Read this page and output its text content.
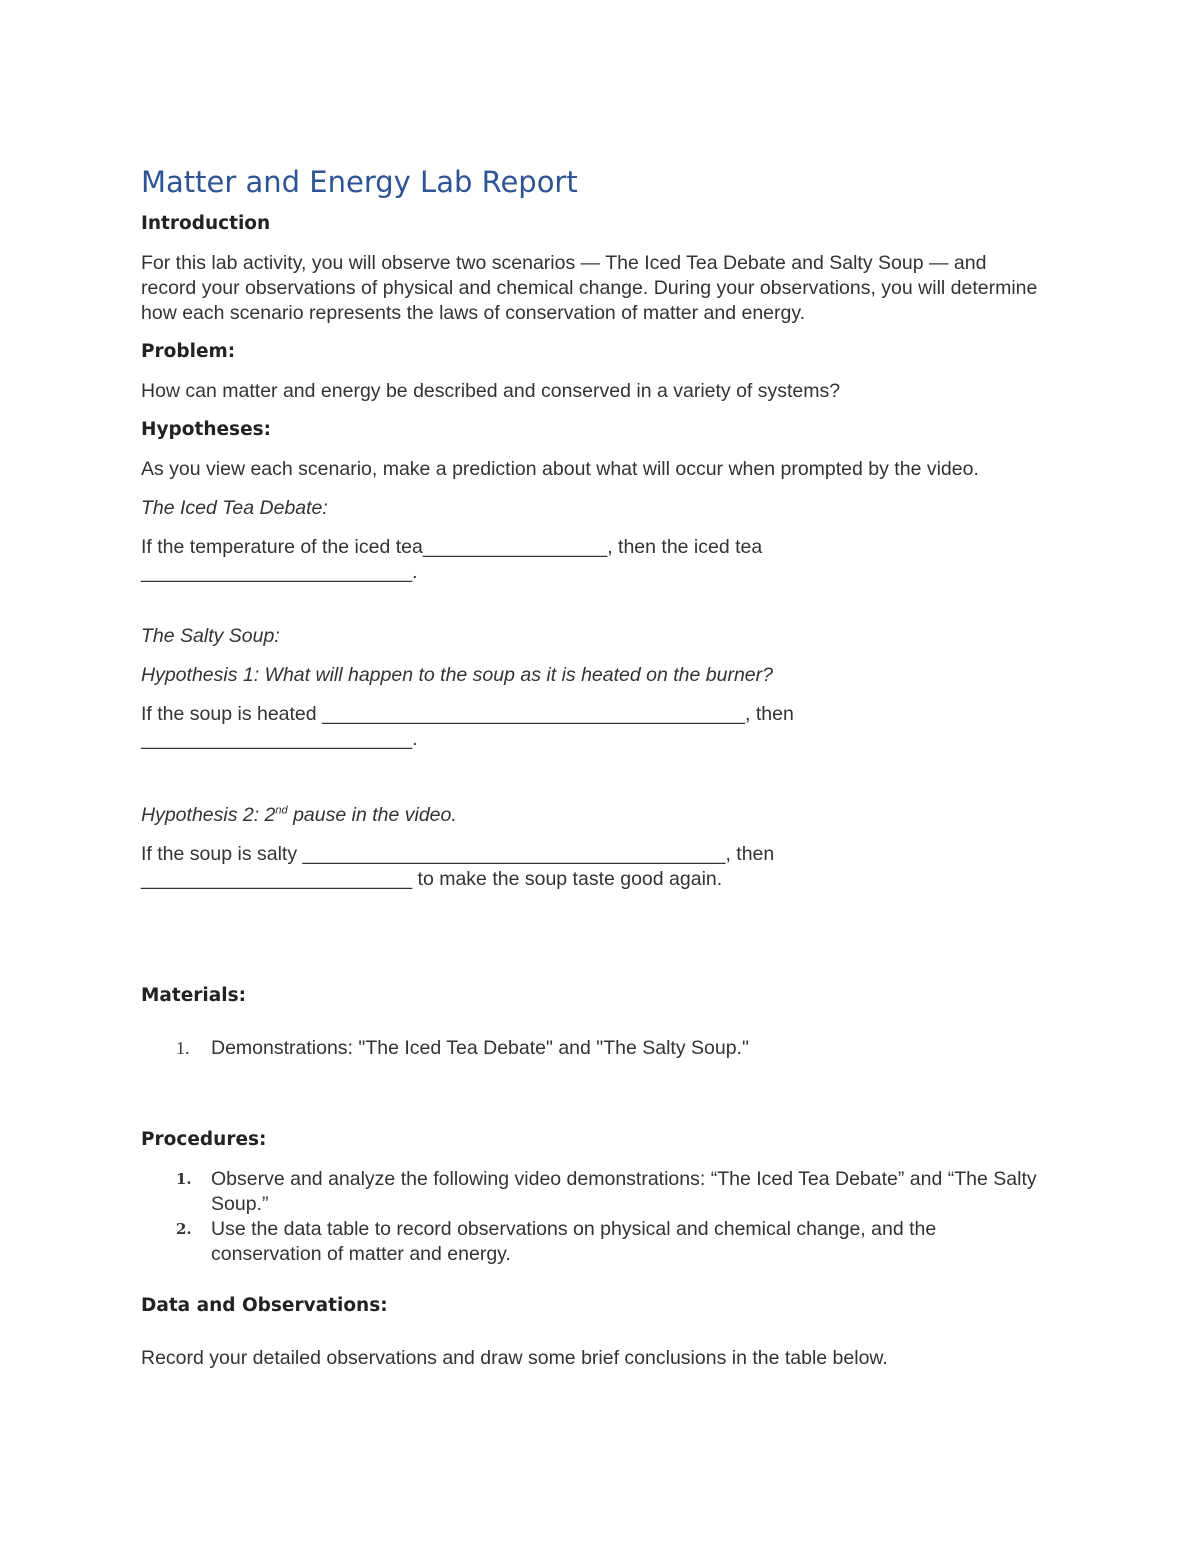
Matter and Energy Lab Report

Introduction

For this lab activity, you will observe two scenarios — The Iced Tea Debate and Salty Soup — and record your observations of physical and chemical change. During your observations, you will determine how each scenario represents the laws of conservation of matter and energy.

Problem:

How can matter and energy be described and conserved in a variety of systems?

Hypotheses:

As you view each scenario, make a prediction about what will occur when prompted by the video.

The Iced Tea Debate:

If the temperature of the iced tea_________________, then the iced tea

_________________________.

The Salty Soup:

Hypothesis 1: What will happen to the soup as it is heated on the burner?

If the soup is heated _______________________________________, then

_________________________.

Hypothesis 2: 2nd pause in the video.

If the soup is salty _______________________________________, then

_________________________ to make the soup taste good again.

Materials:

1. Demonstrations: "The Iced Tea Debate" and "The Salty Soup."

Procedures:

1. Observe and analyze the following video demonstrations: “The Iced Tea Debate” and “The Salty Soup.”
2. Use the data table to record observations on physical and chemical change, and the conservation of matter and energy.

Data and Observations:

Record your detailed observations and draw some brief conclusions in the table below.
